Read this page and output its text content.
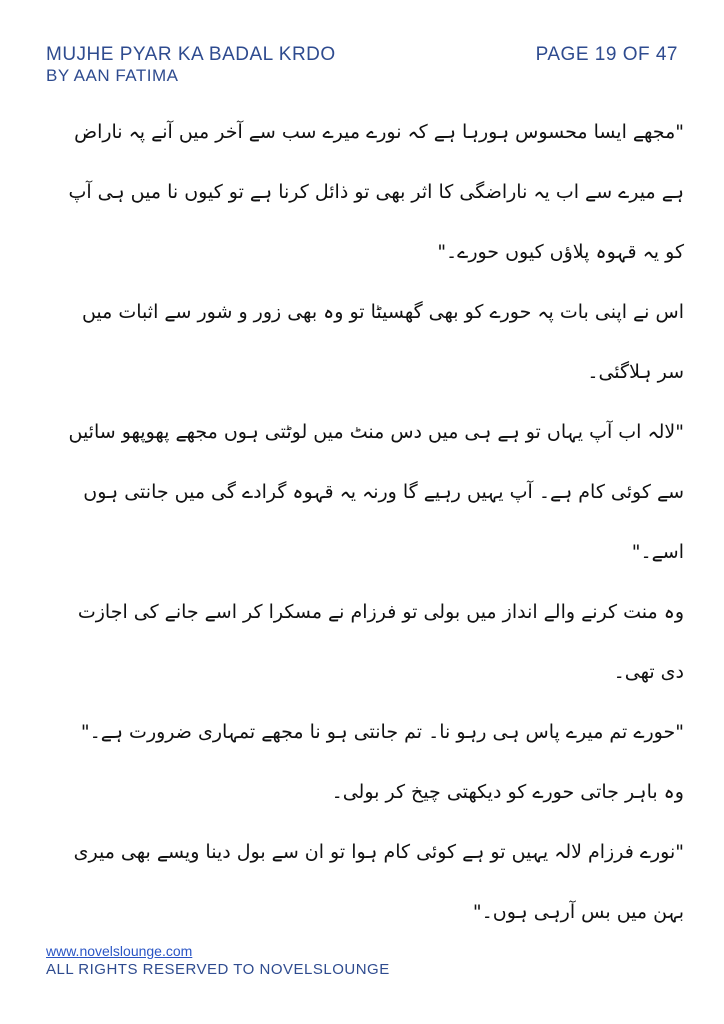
MUJHE PYAR KA BADAL KRDO
BY AAN FATIMA
PAGE 19 OF 47

"مجھے ایسا محسوس ہورہا ہے کہ نورے میرے سب سے آخر میں آنے پہ ناراض ہے میرے سے اب یہ ناراضگی کا اثر بھی تو ذائل کرنا ہے تو کیوں نا میں ہی آپ کو یہ قہوہ پلاؤں کیوں حورے۔"

اس نے اپنی بات پہ حورے کو بھی گھسیٹا تو وہ بھی زور و شور سے اثبات میں سر ہلاگئی۔

"لالہ اب آپ یہاں تو ہے ہی میں دس منٹ میں لوٹتی ہوں مجھے پھوپھو سائیں سے کوئی کام ہے۔ آپ یہیں رہیے گا ورنہ یہ قہوہ گرادے گی میں جانتی ہوں اسے۔"

وہ منت کرنے والے انداز میں بولی تو فرزام نے مسکرا کر اسے جانے کی اجازت دی تھی۔

"حورے تم میرے پاس ہی رہو نا۔ تم جانتی ہو نا مجھے تمہاری ضرورت ہے۔"

وہ باہر جاتی حورے کو دیکھتی چیخ کر بولی۔

"نورے فرزام لالہ یہیں تو ہے کوئی کام ہوا تو ان سے بول دینا ویسے بھی میری بہن میں بس آرہی ہوں۔"

www.novelslounge.com
ALL RIGHTS RESERVED TO NOVELSLOUNGE
